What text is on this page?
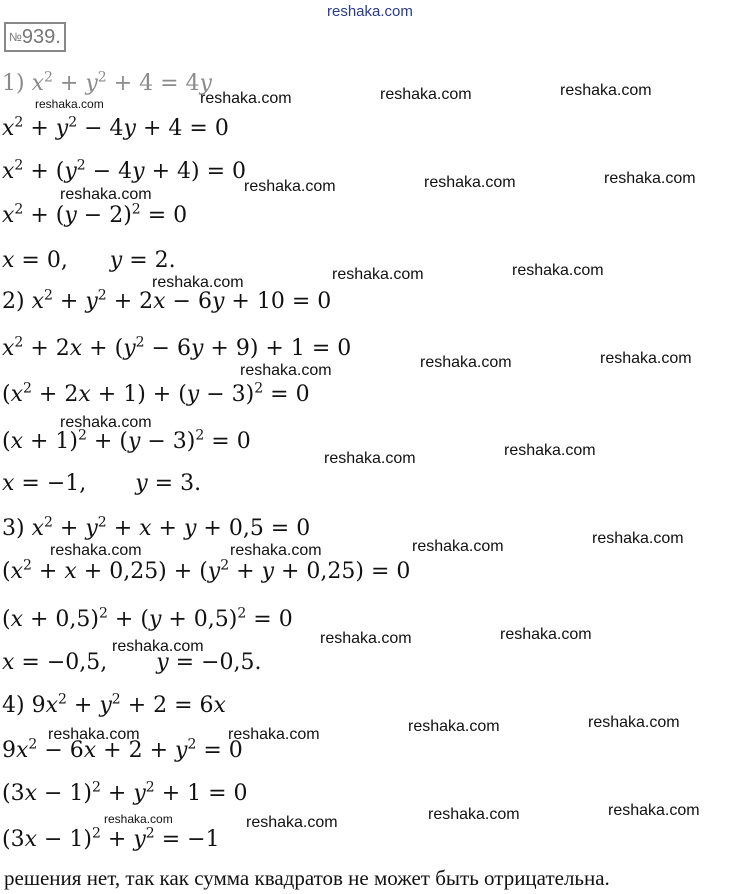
reshaka.com
№939.
1) $x^2 + y^2 + 4 = 4y$
$x^2 + y^2 - 4y + 4 = 0$
$x^2 + (y^2 - 4y + 4) = 0$
$x^2 + (y - 2)^2 = 0$
x = 0,      y = 2.
2) $x^2 + y^2 + 2x - 6y + 10 = 0$
$x^2 + 2x + (y^2 - 6y + 9) + 1 = 0$
$(x^2 + 2x + 1) + (y - 3)^2 = 0$
$(x + 1)^2 + (y - 3)^2 = 0$
x = −1,       y = 3.
3) $x^2 + y^2 + x + y + 0,5 = 0$
$(x^2 + x + 0,25) + (y^2 + y + 0,25) = 0$
$(x + 0,5)^2 + (y + 0,5)^2 = 0$
x = −0,5,       y = −0,5.
4) $9x^2 + y^2 + 2 = 6x$
$9x^2 - 6x + 2 + y^2 = 0$
$(3x - 1)^2 + y^2 + 1 = 0$
$(3x - 1)^2 + y^2 = -1$
reshaka.com	reshaka.com	reshaka.com	reshaka.com
reshaka.com	reshaka.com	reshaka.com	reshaka.com
reshaka.com	reshaka.com	reshaka.com
reshaka.com	reshaka.com	reshaka.com
reshaka.com
reshaka.com	reshaka.com
reshaka.com	reshaka.com	reshaka.com	reshaka.com
reshaka.com	reshaka.com	reshaka.com
reshaka.com	reshaka.com	reshaka.com	reshaka.com
reshaka.com	reshaka.com	reshaka.com	reshaka.com
решения нет, так как сумма квадратов не может быть отрицательна.
